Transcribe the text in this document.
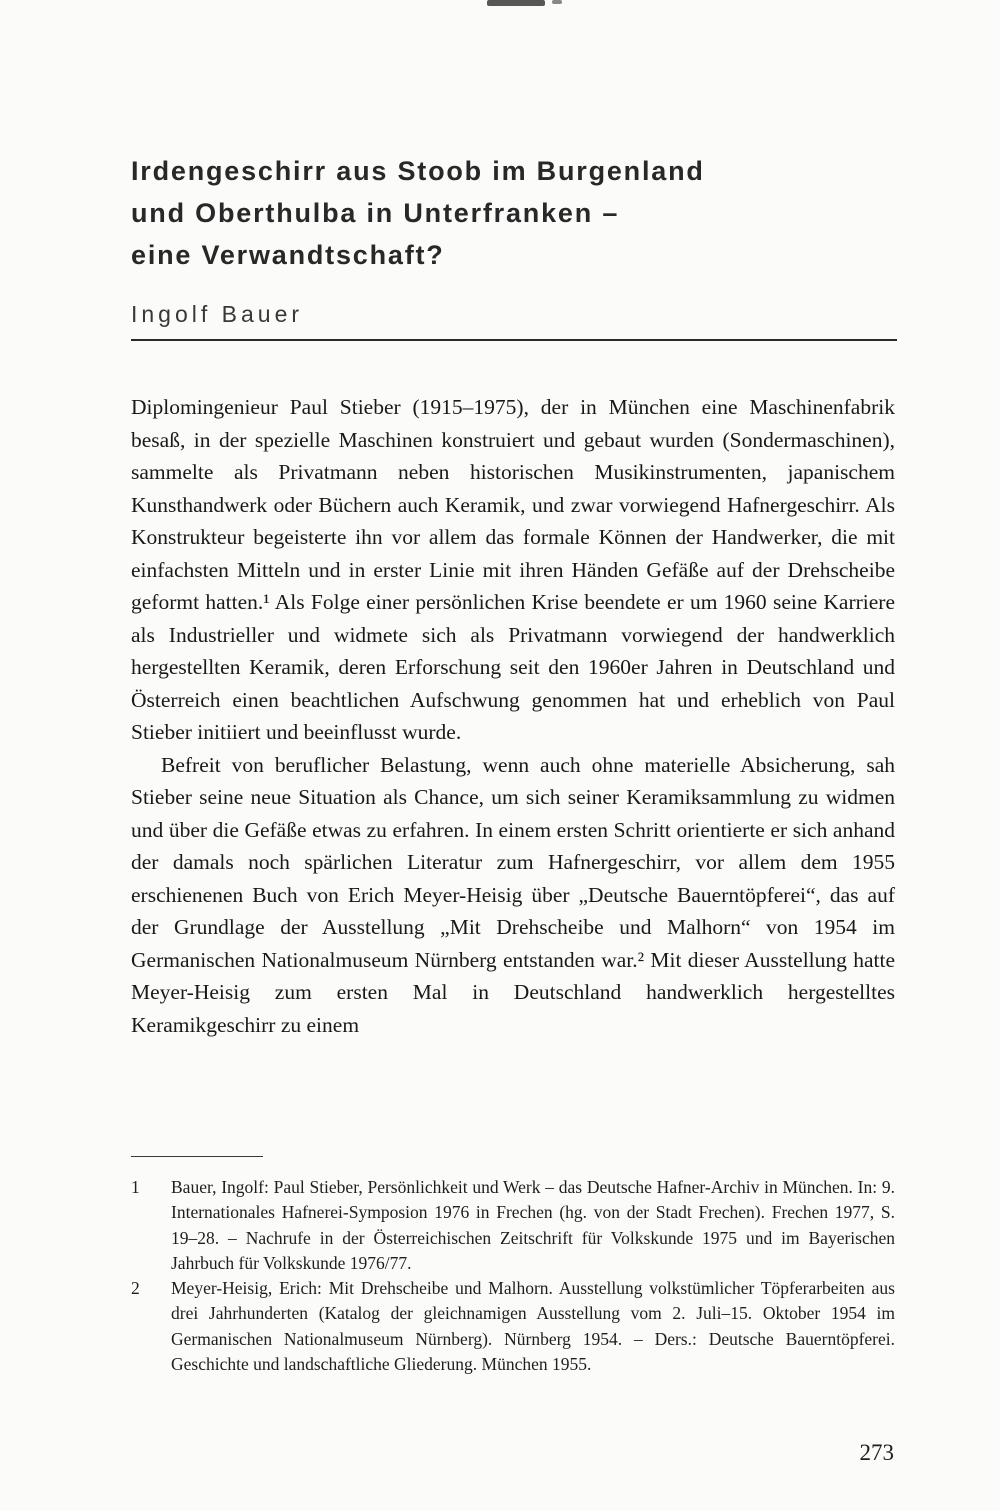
Irdengeschirr aus Stoob im Burgenland
und Oberthulba in Unterfranken –
eine Verwandtschaft?
Ingolf Bauer

Diplomingenieur Paul Stieber (1915–1975), der in München eine Maschinenfabrik besaß, in der spezielle Maschinen konstruiert und gebaut wurden (Sondermaschinen), sammelte als Privatmann neben historischen Musikinstrumenten, japanischem Kunsthandwerk oder Büchern auch Keramik, und zwar vorwiegend Hafnergeschirr. Als Konstrukteur begeisterte ihn vor allem das formale Können der Handwerker, die mit einfachsten Mitteln und in erster Linie mit ihren Händen Gefäße auf der Drehscheibe geformt hatten.¹ Als Folge einer persönlichen Krise beendete er um 1960 seine Karriere als Industrieller und widmete sich als Privatmann vorwiegend der handwerklich hergestellten Keramik, deren Erforschung seit den 1960er Jahren in Deutschland und Österreich einen beachtlichen Aufschwung genommen hat und erheblich von Paul Stieber initiiert und beeinflusst wurde.

Befreit von beruflicher Belastung, wenn auch ohne materielle Absicherung, sah Stieber seine neue Situation als Chance, um sich seiner Keramiksammlung zu widmen und über die Gefäße etwas zu erfahren. In einem ersten Schritt orientierte er sich anhand der damals noch spärlichen Literatur zum Hafnergeschirr, vor allem dem 1955 erschienenen Buch von Erich Meyer-Heisig über „Deutsche Bauerntöpferei“, das auf der Grundlage der Ausstellung „Mit Drehscheibe und Malhorn“ von 1954 im Germanischen Nationalmuseum Nürnberg entstanden war.² Mit dieser Ausstellung hatte Meyer-Heisig zum ersten Mal in Deutschland handwerklich hergestelltes Keramikgeschirr zu einem

1	Bauer, Ingolf: Paul Stieber, Persönlichkeit und Werk – das Deutsche Hafner-Archiv in München. In: 9. Internationales Hafnerei-Symposion 1976 in Frechen (hg. von der Stadt Frechen). Frechen 1977, S. 19–28. – Nachrufe in der Österreichischen Zeitschrift für Volkskunde 1975 und im Bayerischen Jahrbuch für Volkskunde 1976/77.
2	Meyer-Heisig, Erich: Mit Drehscheibe und Malhorn. Ausstellung volkstümlicher Töpferarbeiten aus drei Jahrhunderten (Katalog der gleichnamigen Ausstellung vom 2. Juli–15. Oktober 1954 im Germanischen Nationalmuseum Nürnberg). Nürnberg 1954. – Ders.: Deutsche Bauerntöpferei. Geschichte und landschaftliche Gliederung. München 1955.
273
